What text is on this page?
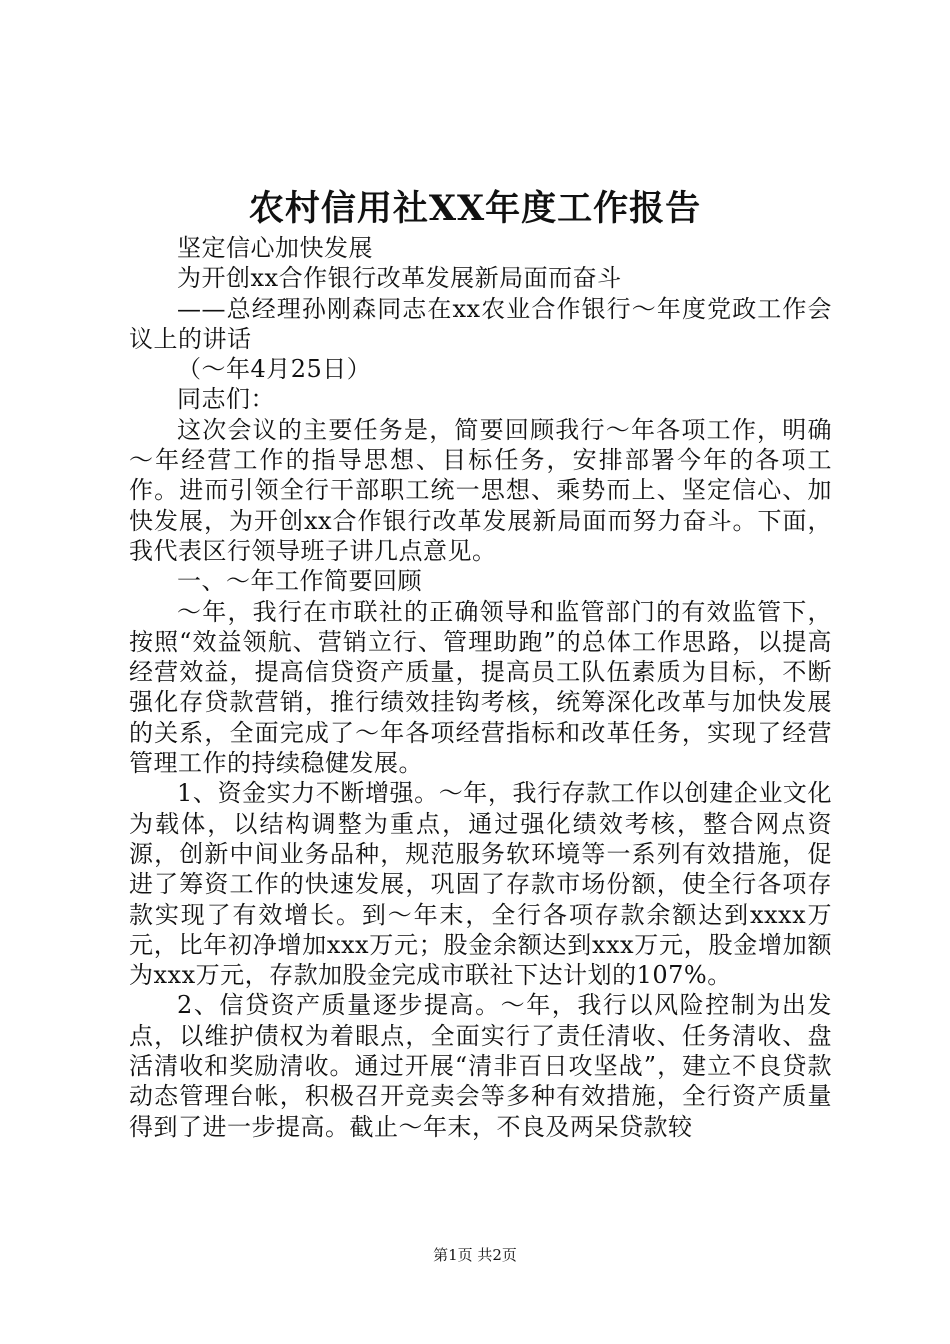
农村信用社XX年度工作报告

坚定信心加快发展

为开创xx合作银行改革发展新局面而奋斗

——总经理孙刚森同志在xx农业合作银行～年度党政工作会议上的讲话

（～年4月25日）

同志们：

这次会议的主要任务是，简要回顾我行～年各项工作，明确～年经营工作的指导思想、目标任务，安排部署今年的各项工作。进而引领全行干部职工统一思想、乘势而上、坚定信心、加快发展，为开创xx合作银行改革发展新局面而努力奋斗。下面，我代表区行领导班子讲几点意见。

一、～年工作简要回顾

～年，我行在市联社的正确领导和监管部门的有效监管下，按照“效益领航、营销立行、管理助跑”的总体工作思路，以提高经营效益，提高信贷资产质量，提高员工队伍素质为目标，不断强化存贷款营销，推行绩效挂钩考核，统筹深化改革与加快发展的关系，全面完成了～年各项经营指标和改革任务，实现了经营管理工作的持续稳健发展。

1、资金实力不断增强。～年，我行存款工作以创建企业文化为载体，以结构调整为重点，通过强化绩效考核，整合网点资源，创新中间业务品种，规范服务软环境等一系列有效措施，促进了筹资工作的快速发展，巩固了存款市场份额，使全行各项存款实现了有效增长。到～年末，全行各项存款余额达到xxxx万元，比年初净增加xxx万元；股金余额达到xxx万元，股金增加额为xxx万元，存款加股金完成市联社下达计划的107%。

2、信贷资产质量逐步提高。～年，我行以风险控制为出发点，以维护债权为着眼点，全面实行了责任清收、任务清收、盘活清收和奖励清收。通过开展“清非百日攻坚战”，建立不良贷款动态管理台帐，积极召开竞卖会等多种有效措施，全行资产质量得到了进一步提高。截止～年末，不良及两呆贷款较

第1页 共2页
